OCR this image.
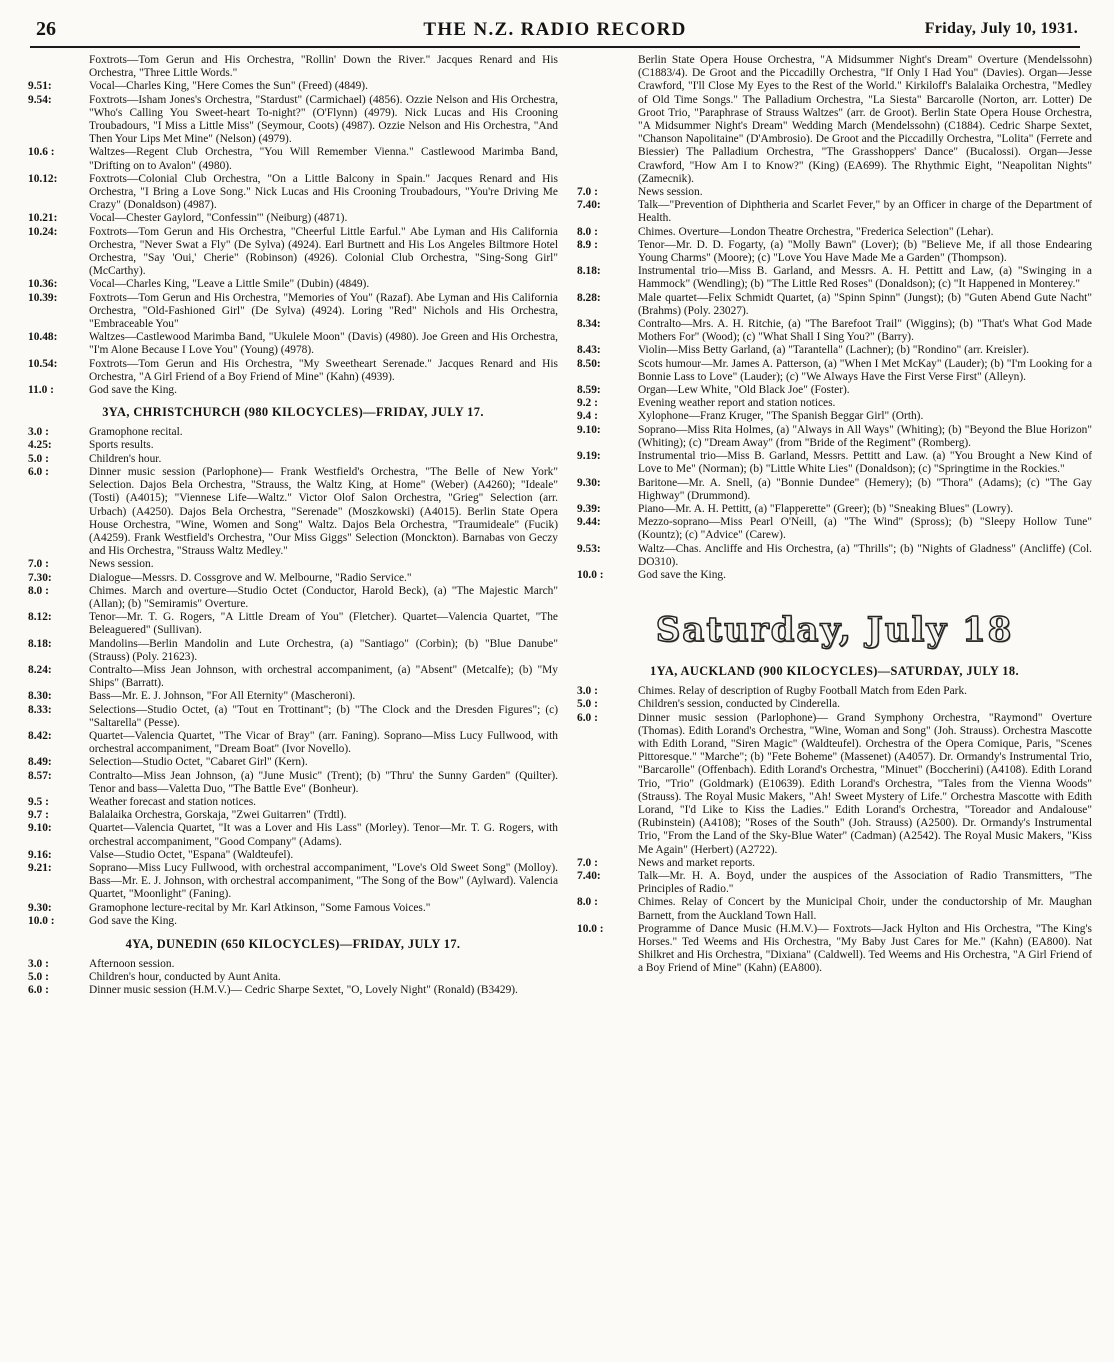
26	THE N.Z. RADIO RECORD	Friday, July 10, 1931.
Foxtrots—Tom Gerun and His Orchestra, "Rollin' Down the River." Jacques Renard and His Orchestra, "Three Little Words."
9.51:	Vocal—Charles King, "Here Comes the Sun" (Freed) (4849).
9.54:	Foxtrots—Isham Jones's Orchestra, "Stardust" (Carmichael) (4856). Ozzie Nelson and His Orchestra, "Who's Calling You Sweet-heart To-night?" (O'Flynn) (4979). Nick Lucas and His Crooning Troubadours, "I Miss a Little Miss" (Seymour, Coots) (4987). Ozzie Nelson and His Orchestra, "And Then Your Lips Met Mine" (Nelson) (4979).
10.6 :	Waltzes—Regent Club Orchestra, "You Will Remember Vienna." Castlewood Marimba Band, "Drifting on to Avalon" (4980).
10.12:	Foxtrots—Colonial Club Orchestra, "On a Little Balcony in Spain." Jacques Renard and His Orchestra, "I Bring a Love Song." Nick Lucas and His Crooning Troubadours, "You're Driving Me Crazy" (Donaldson) (4987).
10.21:	Vocal—Chester Gaylord, "Confessin'" (Neiburg) (4871).
10.24:	Foxtrots—Tom Gerun and His Orchestra, "Cheerful Little Earful." Abe Lyman and His California Orchestra, "Never Swat a Fly" (De Sylva) (4924). Earl Burtnett and His Los Angeles Biltmore Hotel Orchestra, "Say 'Oui,' Cherie" (Robinson) (4926). Colonial Club Orchestra, "Sing-Song Girl" (McCarthy).
10.36:	Vocal—Charles King, "Leave a Little Smile" (Dubin) (4849).
10.39:	Foxtrots—Tom Gerun and His Orchestra, "Memories of You" (Razaf). Abe Lyman and His California Orchestra, "Old-Fashioned Girl" (De Sylva) (4924). Loring "Red" Nichols and His Orchestra, "Embraceable You"
10.48:	Waltzes—Castlewood Marimba Band, "Ukulele Moon" (Davis) (4980). Joe Green and His Orchestra, "I'm Alone Because I Love You" (Young) (4978).
10.54:	Foxtrots—Tom Gerun and His Orchestra, "My Sweetheart Serenade." Jacques Renard and His Orchestra, "A Girl Friend of a Boy Friend of Mine" (Kahn) (4939).
11.0 :	God save the King.
3YA, CHRISTCHURCH (980 KILOCYCLES)—FRIDAY, JULY 17.
3.0 :	Gramophone recital.
4.25:	Sports results.
5.0 :	Children's hour.
6.0 :	Dinner music session (Parlophone)— Frank Westfield's Orchestra, "The Belle of New York" Selection. Dajos Bela Orchestra, "Strauss, the Waltz King, at Home" (Weber) (A4260); "Ideale" (Tosti) (A4015); "Viennese Life—Waltz." Victor Olof Salon Orchestra, "Grieg" Selection (arr. Urbach) (A4250). Dajos Bela Orchestra, "Serenade" (Moszkowski) (A4015). Berlin State Opera House Orchestra, "Wine, Women and Song" Waltz. Dajos Bela Orchestra, "Traumideale" (Fucik) (A4259). Frank Westfield's Orchestra, "Our Miss Giggs" Selection (Monckton). Barnabas von Geczy and His Orchestra, "Strauss Waltz Medley."
7.0 :	News session.
7.30:	Dialogue—Messrs. D. Cossgrove and W. Melbourne, "Radio Service."
8.0 :	Chimes. March and overture—Studio Octet (Conductor, Harold Beck), (a) "The Majestic March" (Allan); (b) "Semiramis" Overture.
8.12:	Tenor—Mr. T. G. Rogers, "A Little Dream of You" (Fletcher). Quartet—Valencia Quartet, "The Beleaguered" (Sullivan).
8.18:	Mandolins—Berlin Mandolin and Lute Orchestra, (a) "Santiago" (Corbin); (b) "Blue Danube" (Strauss) (Poly. 21623).
8.24:	Contralto—Miss Jean Johnson, with orchestral accompaniment, (a) "Absent" (Metcalfe); (b) "My Ships" (Barratt).
8.30:	Bass—Mr. E. J. Johnson, "For All Eternity" (Mascheroni).
8.33:	Selections—Studio Octet, (a) "Tout en Trottinant"; (b) "The Clock and the Dresden Figures"; (c) "Saltarella" (Pesse).
8.42:	Quartet—Valencia Quartet, "The Vicar of Bray" (arr. Faning). Soprano—Miss Lucy Fullwood, with orchestral accompaniment, "Dream Boat" (Ivor Novello).
8.49:	Selection—Studio Octet, "Cabaret Girl" (Kern).
8.57:	Contralto—Miss Jean Johnson, (a) "June Music" (Trent); (b) "Thru' the Sunny Garden" (Quilter). Tenor and bass—Valetta Duo, "The Battle Eve" (Bonheur).
9.5 :	Weather forecast and station notices.
9.7 :	Balalaika Orchestra, Gorskaja, "Zwei Guitarren" (Trdtl).
9.10:	Quartet—Valencia Quartet, "It was a Lover and His Lass" (Morley). Tenor—Mr. T. G. Rogers, with orchestral accompaniment, "Good Company" (Adams).
9.16:	Valse—Studio Octet, "Espana" (Waldteufel).
9.21:	Soprano—Miss Lucy Fullwood, with orchestral accompaniment, "Love's Old Sweet Song" (Molloy). Bass—Mr. E. J. Johnson, with orchestral accompaniment, "The Song of the Bow" (Aylward). Valencia Quartet, "Moonlight" (Faning).
9.30:	Gramophone lecture-recital by Mr. Karl Atkinson, "Some Famous Voices."
10.0 :	God save the King.
4YA, DUNEDIN (650 KILOCYCLES)—FRIDAY, JULY 17.
3.0 :	Afternoon session.
5.0 :	Children's hour, conducted by Aunt Anita.
6.0 :	Dinner music session (H.M.V.)— Cedric Sharpe Sextet, "O, Lovely Night" (Ronald) (B3429).
Berlin State Opera House Orchestra, "A Midsummer Night's Dream" Overture (Mendelssohn) (C1883/4). De Groot and the Piccadilly Orchestra, "If Only I Had You" (Davies). Organ—Jesse Crawford, "I'll Close My Eyes to the Rest of the World." Kirkiloff's Balalaika Orchestra, "Medley of Old Time Songs." The Palladium Orchestra, "La Siesta" Barcarolle (Norton, arr. Lotter) De Groot Trio, "Paraphrase of Strauss Waltzes" (arr. de Groot). Berlin State Opera House Orchestra, "A Midsummer Night's Dream" Wedding March (Mendelssohn) (C1884). Cedric Sharpe Sextet, "Chanson Napolitaine" (D'Ambrosio). De Groot and the Piccadilly Orchestra, "Lolita" (Ferrete and Biessier) The Palladium Orchestra, "The Grasshoppers' Dance" (Bucalossi). Organ—Jesse Crawford, "How Am I to Know?" (King) (EA699). The Rhythmic Eight, "Neapolitan Nights" (Zamecnik).
7.0 :	News session.
7.40:	Talk—"Prevention of Diphtheria and Scarlet Fever," by an Officer in charge of the Department of Health.
8.0 :	Chimes. Overture—London Theatre Orchestra, "Frederica Selection" (Lehar).
8.9 :	Tenor—Mr. D. D. Fogarty, (a) "Molly Bawn" (Lover); (b) "Believe Me, if all those Endearing Young Charms" (Moore); (c) "Love You Have Made Me a Garden" (Thompson).
8.18:	Instrumental trio—Miss B. Garland, and Messrs. A. H. Pettitt and Law, (a) "Swinging in a Hammock" (Wendling); (b) "The Little Red Roses" (Donaldson); (c) "It Happened in Monterey."
8.28:	Male quartet—Felix Schmidt Quartet, (a) "Spinn Spinn" (Jungst); (b) "Guten Abend Gute Nacht" (Brahms) (Poly. 23027).
8.34:	Contralto—Mrs. A. H. Ritchie, (a) "The Barefoot Trail" (Wiggins); (b) "That's What God Made Mothers For" (Wood); (c) "What Shall I Sing You?" (Barry).
8.43:	Violin—Miss Betty Garland, (a) "Tarantella" (Lachner); (b) "Rondino" (arr. Kreisler).
8.50:	Scots humour—Mr. James A. Patterson, (a) "When I Met McKay" (Lauder); (b) "I'm Looking for a Bonnie Lass to Love" (Lauder); (c) "We Always Have the First Verse First" (Alleyn).
8.59:	Organ—Lew White, "Old Black Joe" (Foster).
9.2 :	Evening weather report and station notices.
9.4 :	Xylophone—Franz Kruger, "The Spanish Beggar Girl" (Orth).
9.10:	Soprano—Miss Rita Holmes, (a) "Always in All Ways" (Whiting); (b) "Beyond the Blue Horizon" (Whiting); (c) "Dream Away" (from "Bride of the Regiment" (Romberg).
9.19:	Instrumental trio—Miss B. Garland, Messrs. Pettitt and Law. (a) "You Brought a New Kind of Love to Me" (Norman); (b) "Little White Lies" (Donaldson); (c) "Springtime in the Rockies."
9.30:	Baritone—Mr. A. Snell, (a) "Bonnie Dundee" (Hemery); (b) "Thora" (Adams); (c) "The Gay Highway" (Drummond).
9.39:	Piano—Mr. A. H. Pettitt, (a) "Flapperette" (Greer); (b) "Sneaking Blues" (Lowry).
9.44:	Mezzo-soprano—Miss Pearl O'Neill, (a) "The Wind" (Spross); (b) "Sleepy Hollow Tune" (Kountz); (c) "Advice" (Carew).
9.53:	Waltz—Chas. Ancliffe and His Orchestra, (a) "Thrills"; (b) "Nights of Gladness" (Ancliffe) (Col. DO310).
10.0 :	God save the King.
Saturday, July 18
1YA, AUCKLAND (900 KILOCYCLES)—SATURDAY, JULY 18.
3.0 :	Chimes. Relay of description of Rugby Football Match from Eden Park.
5.0 :	Children's session, conducted by Cinderella.
6.0 :	Dinner music session (Parlophone)— Grand Symphony Orchestra, "Raymond" Overture (Thomas). Edith Lorand's Orchestra, "Wine, Woman and Song" (Joh. Strauss). Orchestra Mascotte with Edith Lorand, "Siren Magic" (Waldteufel). Orchestra of the Opera Comique, Paris, "Scenes Pittoresque." "Marche"; (b) "Fete Boheme" (Massenet) (A4057). Dr. Ormandy's Instrumental Trio, "Barcarolle" (Offenbach). Edith Lorand's Orchestra, "Minuet" (Boccherini) (A4108). Edith Lorand Trio, "Trio" (Goldmark) (E10639). Edith Lorand's Orchestra, "Tales from the Vienna Woods" (Strauss). The Royal Music Makers, "Ah! Sweet Mystery of Life." Orchestra Mascotte with Edith Lorand, "I'd Like to Kiss the Ladies." Edith Lorand's Orchestra, "Toreador and Andalouse" (Rubinstein) (A4108); "Roses of the South" (Joh. Strauss) (A2500). Dr. Ormandy's Instrumental Trio, "From the Land of the Sky-Blue Water" (Cadman) (A2542). The Royal Music Makers, "Kiss Me Again" (Herbert) (A2722).
7.0 :	News and market reports.
7.40:	Talk—Mr. H. A. Boyd, under the auspices of the Association of Radio Transmitters, "The Principles of Radio."
8.0 :	Chimes. Relay of Concert by the Municipal Choir, under the conductorship of Mr. Maughan Barnett, from the Auckland Town Hall.
10.0 :	Programme of Dance Music (H.M.V.)— Foxtrots—Jack Hylton and His Orchestra, "The King's Horses." Ted Weems and His Orchestra, "My Baby Just Cares for Me." (Kahn) (EA800). Nat Shilkret and His Orchestra, "Dixiana" (Caldwell). Ted Weems and His Orchestra, "A Girl Friend of a Boy Friend of Mine" (Kahn) (EA800).
